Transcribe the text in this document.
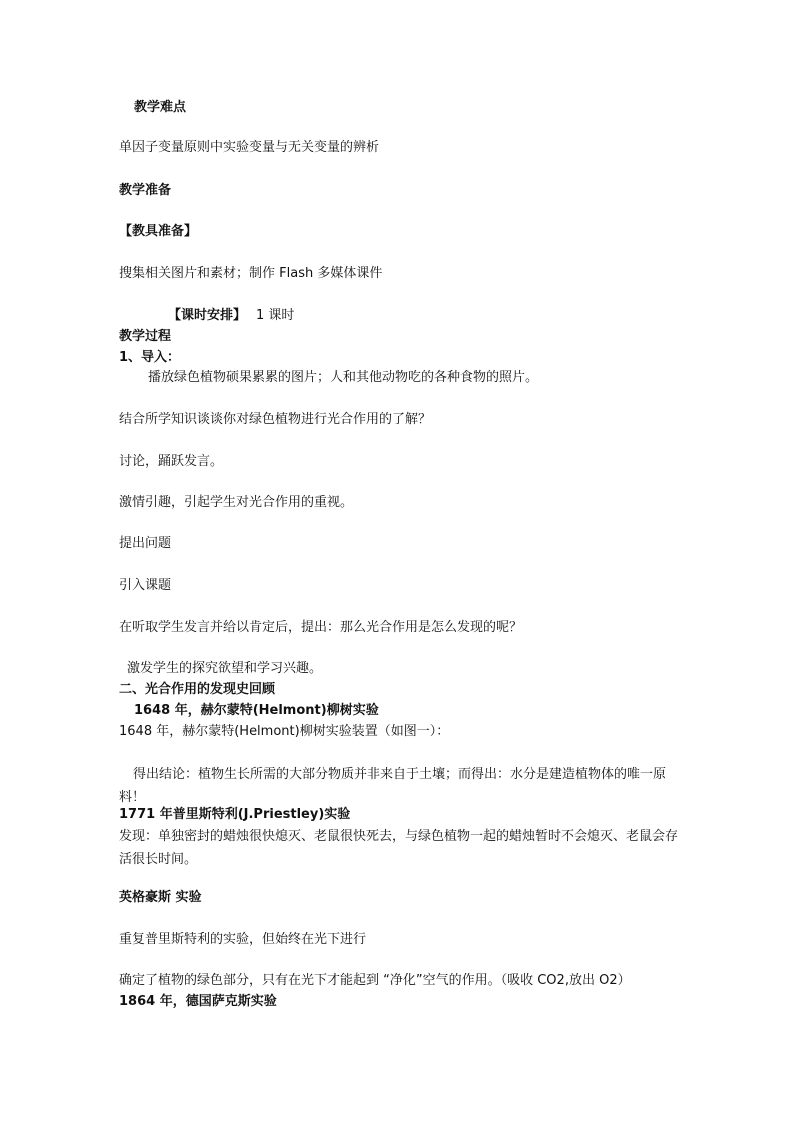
教学难点
单因子变量原则中实验变量与无关变量的辨析
教学准备
【教具准备】
搜集相关图片和素材；制作 Flash 多媒体课件
【课时安排】 1 课时
教学过程
1、导入：
播放绿色植物硕果累累的图片；人和其他动物吃的各种食物的照片。
结合所学知识谈谈你对绿色植物进行光合作用的了解？
讨论，踊跃发言。
激情引趣，引起学生对光合作用的重视。
提出问题
引入课题
在听取学生发言并给以肯定后，提出：那么光合作用是怎么发现的呢？
激发学生的探究欲望和学习兴趣。
二、光合作用的发现史回顾
1648 年，赫尔蒙特(Helmont)柳树实验
1648 年，赫尔蒙特(Helmont)柳树实验装置（如图一）：
得出结论：植物生长所需的大部分物质并非来自于土壤；而得出：水分是建造植物体的唯一原料！
1771 年普里斯特利(J.Priestley)实验
发现：单独密封的蜡烛很快熄灭、老鼠很快死去，与绿色植物一起的蜡烛暂时不会熄灭、老鼠会存活很长时间。
英格豪斯 实验
重复普里斯特利的实验，但始终在光下进行
确定了植物的绿色部分，只有在光下才能起到 “净化”空气的作用。（吸收 CO2,放出 O2）
1864 年，德国萨克斯实验
